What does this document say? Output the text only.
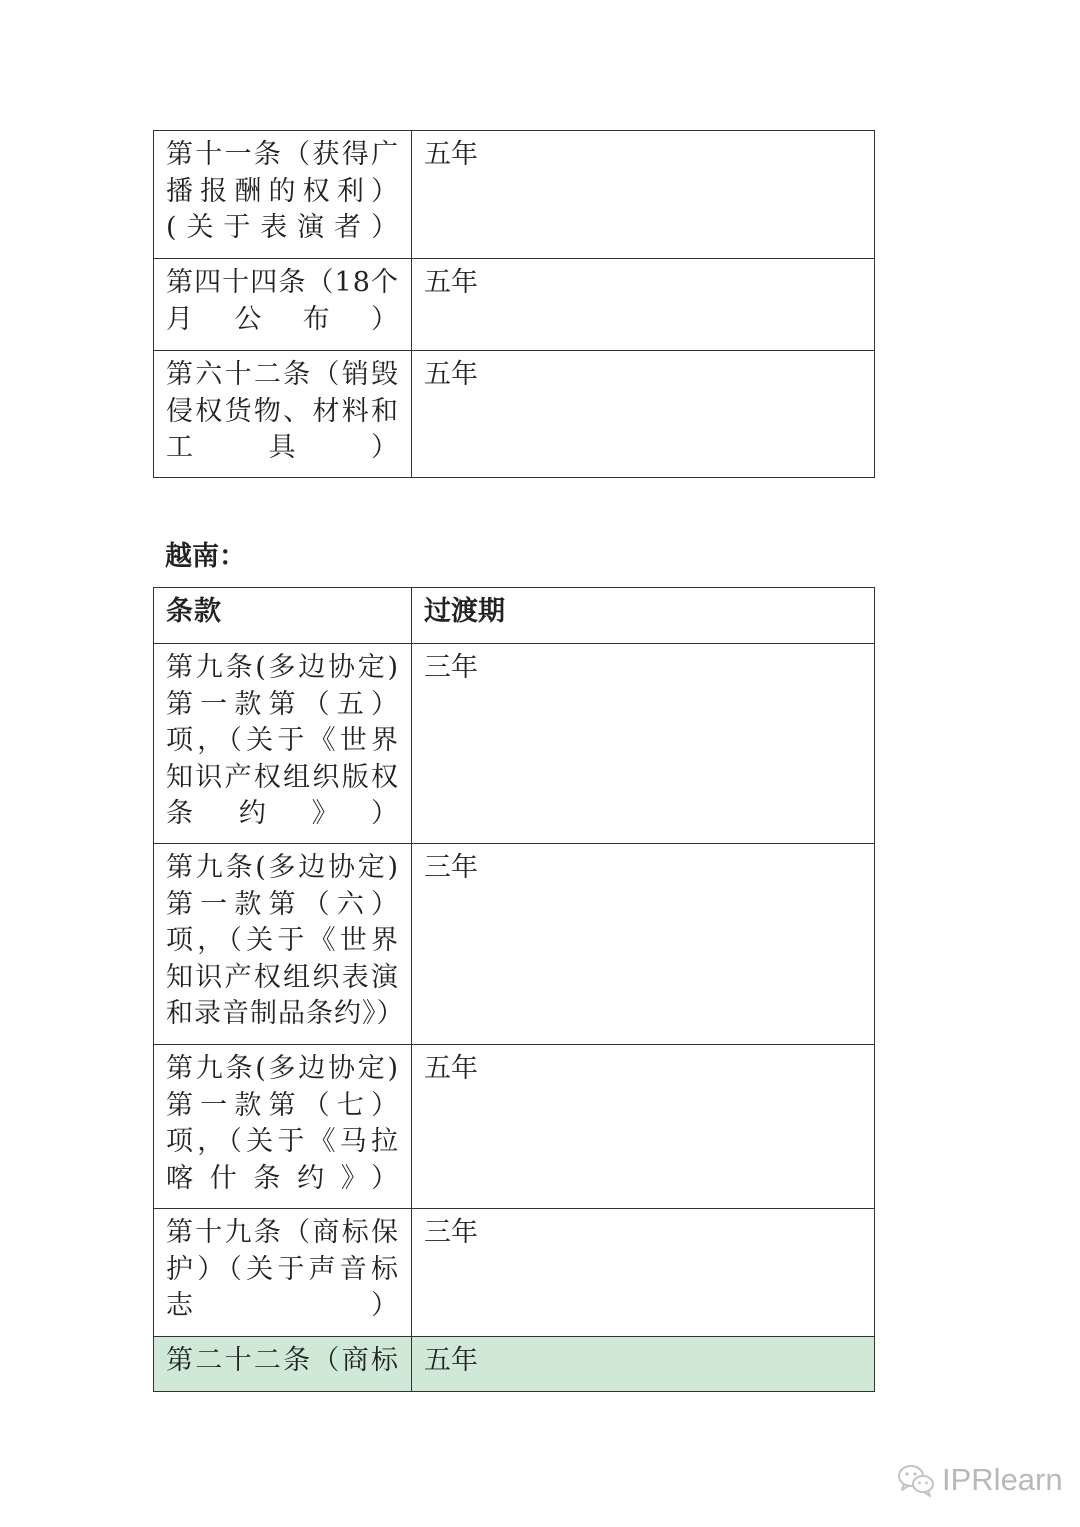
第十一条（获得广播报酬的权利）(关于表演者）	五年
第四十四条（18个月公布）	五年
第六十二条（销毁侵权货物、材料和工具）	五年
越南：
条款	过渡期
第九条(多边协定)第一款第（五）项，（关于《世界知识产权组织版权条约》）	三年
第九条(多边协定)第一款第（六）项，（关于《世界知识产权组织表演和录音制品条约》）	三年
第九条(多边协定)第一款第（七）项，（关于《马拉喀什条约》）	五年
第十九条（商标保护）（关于声音标志）	三年
第二十二条（商标	五年
IPRlearn
